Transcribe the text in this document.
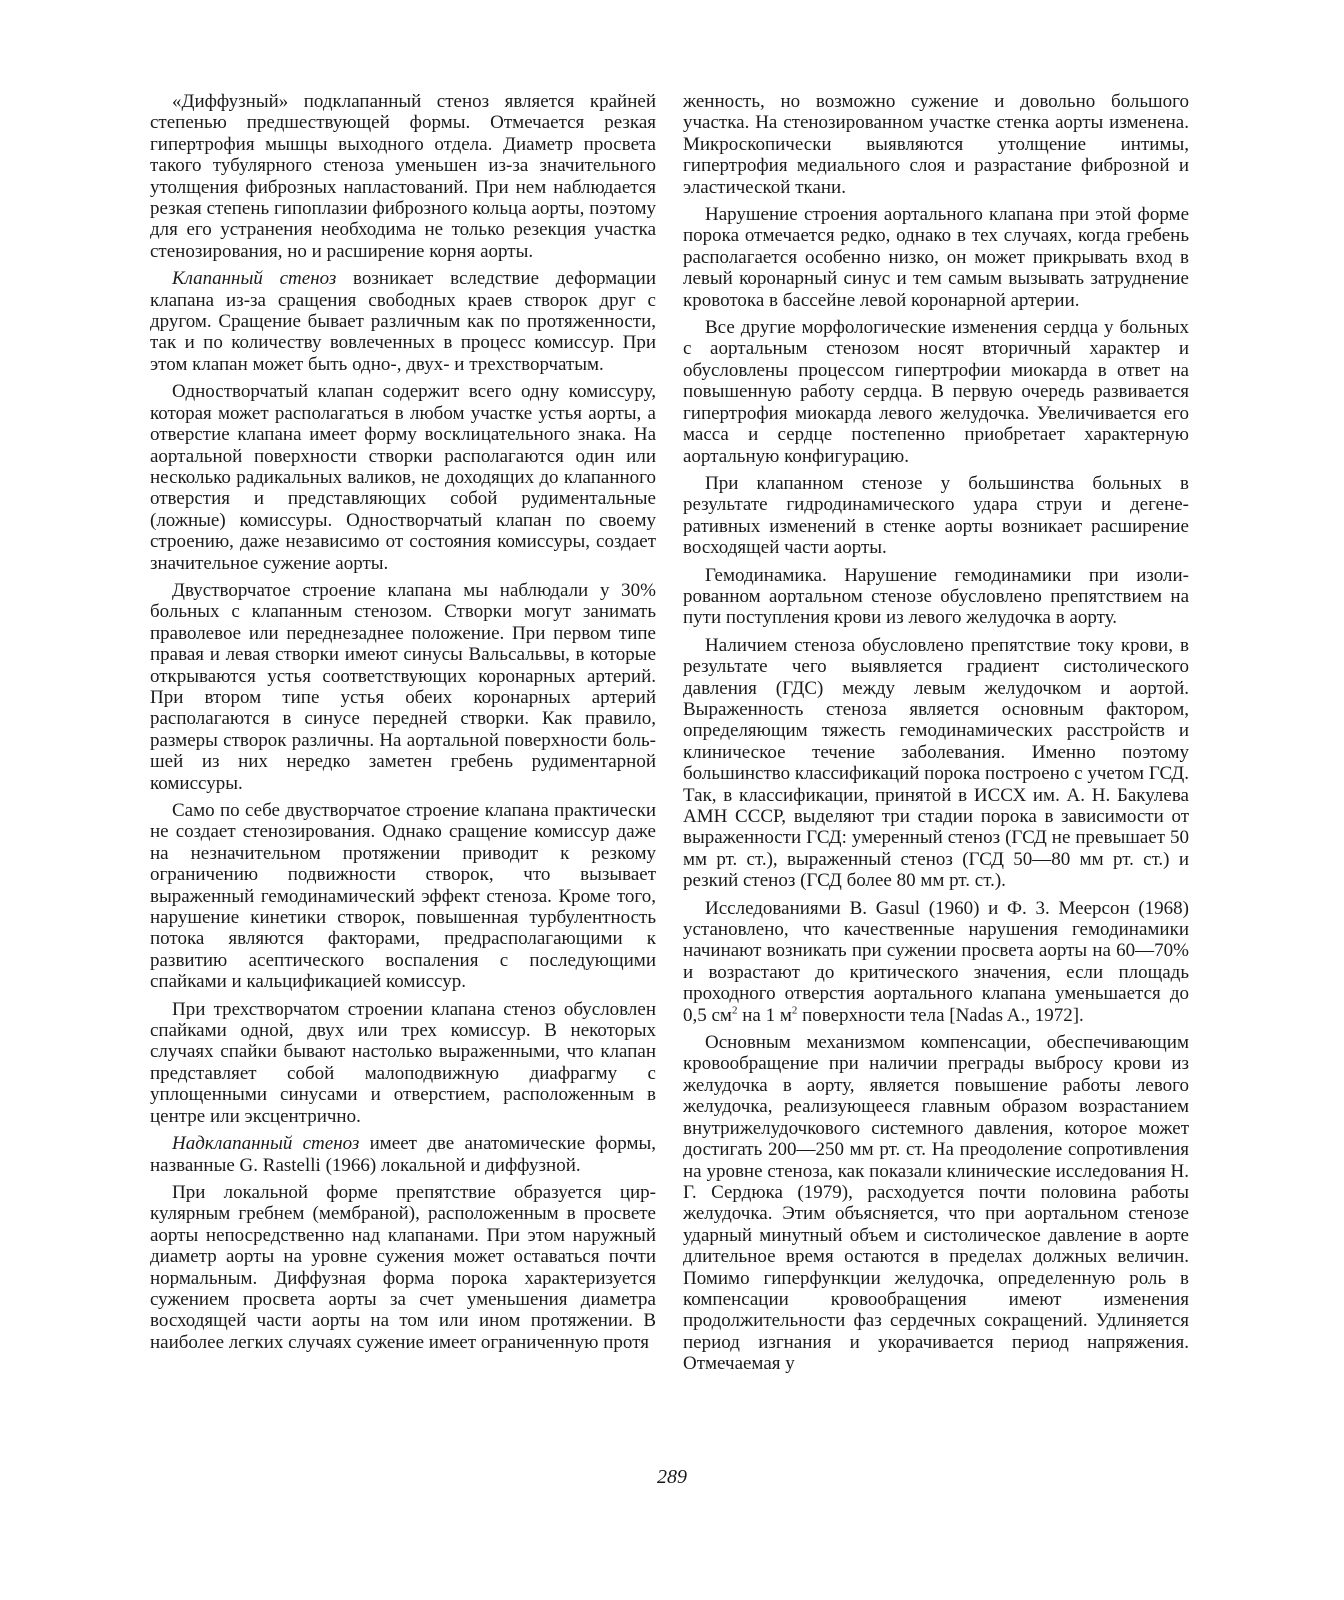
«Диффузный» подклапанный стеноз является крайней степенью предшествующей формы. Отмечается резкая гипертрофия мышцы выходного отдела. Диаметр просвета такого тубулярного стеноза уменьшен из-за значительного утолщения фиброзных напластований. При нем наблюдается резкая степень гипоплазии фиброзного кольца аорты, поэтому для его устранения необходима не только резекция участка стенозирования, но и расширение корня аорты.

Клапанный стеноз возникает вследствие деформации клапана из-за сращения свободных краев створок друг с другом. Сращение бывает различным как по протяженности, так и по количеству вовлеченных в процесс комиссур. При этом клапан может быть одно-, двух- и трехстворчатым.

Одностворчатый клапан содержит всего одну комиссуру, которая может располагаться в любом участке устья аорты, а отверстие клапана имеет форму восклицательного знака. На аортальной поверхности створки располагаются один или несколько радикальных валиков, не доходящих до клапанного отверстия и представляющих собой рудиментальные (ложные) комиссуры. Одностворчатый клапан по своему строению, даже независимо от состояния комиссуры, создает значительное сужение аорты.

Двустворчатое строение клапана мы наблюдали у 30% больных с клапанным стенозом. Створки могут занимать праволевое или переднезаднее положение. При первом типе правая и левая створки имеют синусы Вальсальвы, в которые открываются устья соответствующих коронарных артерий. При втором типе устья обеих коронарных артерий располагаются в синусе передней створки. Как правило, размеры створок различны. На аортальной поверхности большей из них нередко заметен гребень рудиментарной комиссуры.

Само по себе двустворчатое строение клапана практически не создает стенозирования. Однако сращение комиссур даже на незначительном протяжении приводит к резкому ограничению подвижности створок, что вызывает выраженный гемодинамический эффект стеноза. Кроме того, нарушение кинетики створок, повышенная турбулентность потока являются факторами, предрасполагающими к развитию асептического воспаления с последующими спайками и кальцификацией комиссур.

При трехстворчатом строении клапана стеноз обусловлен спайками одной, двух или трех комиссур. В некоторых случаях спайки бывают настолько выраженными, что клапан представляет собой малоподвижную диафрагму с уплощенными синусами и отверстием, расположенным в центре или эксцентрично.

Надклапанный стеноз имеет две анатомические формы, названные G. Rastelli (1966) локальной и диффузной.

При локальной форме препятствие образуется циркулярным гребнем (мембраной), расположенным в просвете аорты непосредственно над клапанами. При этом наружный диаметр аорты на уровне сужения может оставаться почти нормальным. Диффузная форма порока характеризуется сужением просвета аорты за счет уменьшения диаметра восходящей части аорты на том или ином протяжении. В наиболее легких случаях сужение имеет ограниченную протя

женность, но возможно сужение и довольно большого участка. На стенозированном участке стенка аорты изменена. Микроскопически выявляются утолщение интимы, гипертрофия медиального слоя и разрастание фиброзной и эластической ткани.

Нарушение строения аортального клапана при этой форме порока отмечается редко, однако в тех случаях, когда гребень располагается особенно низко, он может прикрывать вход в левый коронарный синус и тем самым вызывать затруднение кровотока в бассейне левой коронарной артерии.

Все другие морфологические изменения сердца у больных с аортальным стенозом носят вторичный характер и обусловлены процессом гипертрофии миокарда в ответ на повышенную работу сердца. В первую очередь развивается гипертрофия миокарда левого желудочка. Увеличивается его масса и сердце постепенно приобретает характерную аортальную конфигурацию.

При клапанном стенозе у большинства больных в результате гидродинамического удара струи и дегенеративных изменений в стенке аорты возникает расширение восходящей части аорты.

Гемодинамика. Нарушение гемодинамики при изолированном аортальном стенозе обусловлено препятствием на пути поступления крови из левого желудочка в аорту.

Наличием стеноза обусловлено препятствие току крови, в результате чего выявляется градиент систолического давления (ГДС) между левым желудочком и аортой. Выраженность стеноза является основным фактором, определяющим тяжесть гемодинамических расстройств и клиническое течение заболевания. Именно поэтому большинство классификаций порока построено с учетом ГСД. Так, в классификации, принятой в ИССХ им. А. Н. Бакулева АМН СССР, выделяют три стадии порока в зависимости от выраженности ГСД: умеренный стеноз (ГСД не превышает 50 мм рт. ст.), выраженный стеноз (ГСД 50—80 мм рт. ст.) и резкий стеноз (ГСД более 80 мм рт. ст.).

Исследованиями B. Gasul (1960) и Ф. 3. Меерсон (1968) установлено, что качественные нарушения гемодинамики начинают возникать при сужении просвета аорты на 60—70% и возрастают до критического значения, если площадь проходного отверстия аортального клапана уменьшается до 0,5 $см^2$ на 1 $м^2$ поверхности тела [Nadas A., 1972].

Основным механизмом компенсации, обеспечивающим кровообращение при наличии преграды выбросу крови из желудочка в аорту, является повышение работы левого желудочка, реализующееся главным образом возрастанием внутрижелудочкового системного давления, которое может достигать 200—250 мм рт. ст. На преодоление сопротивления на уровне стеноза, как показали клинические исследования Н. Г. Сердюка (1979), расходуется почти половина работы желудочка. Этим объясняется, что при аортальном стенозе ударный минутный объем и систолическое давление в аорте длительное время остаются в пределах должных величин. Помимо гиперфункции желудочка, определенную роль в компенсации кровообращения имеют изменения продолжительности фаз сердечных сокращений. Удлиняется период изгнания и укорачивается период напряжения. Отмечаемая у

289
